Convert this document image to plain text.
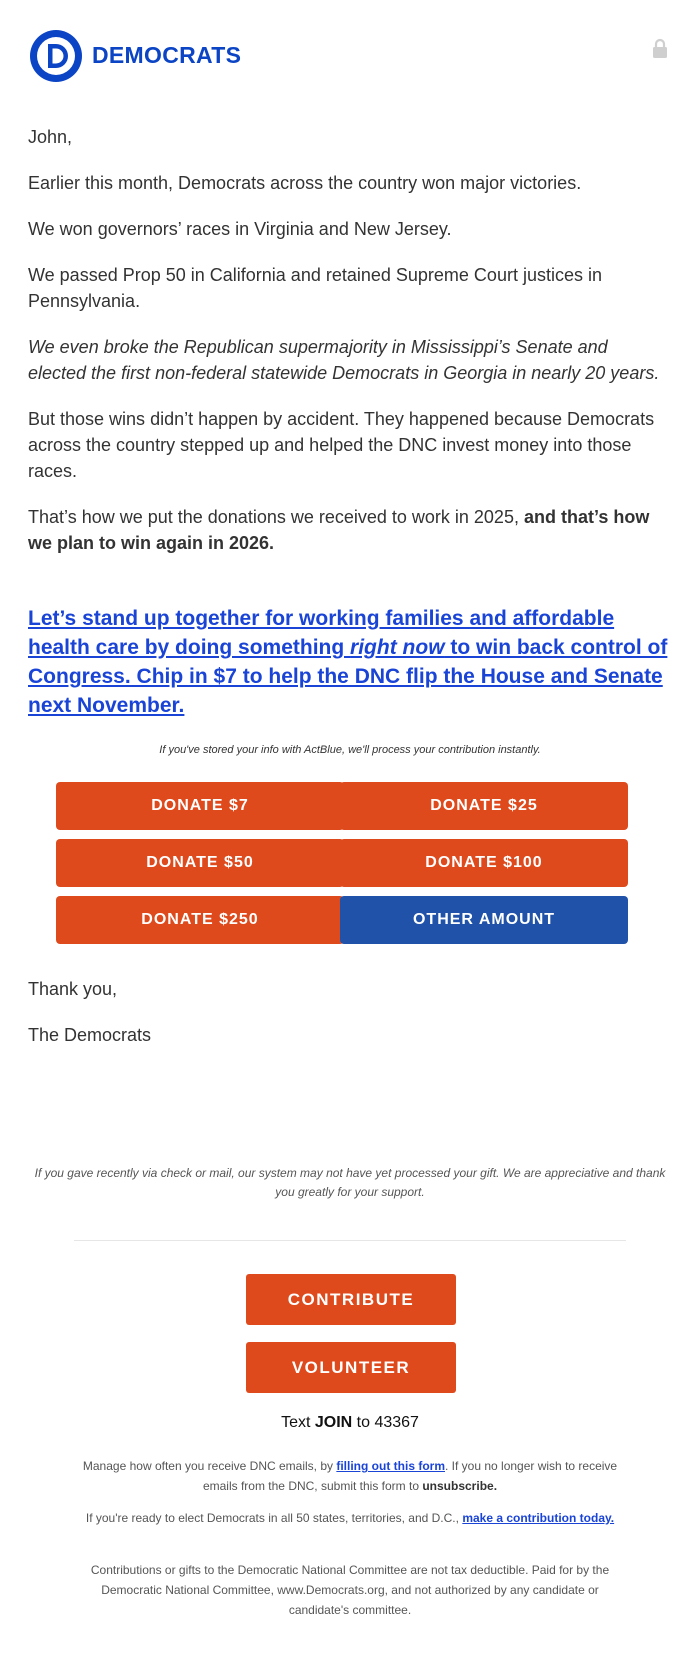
DEMOCRATS

John,

Earlier this month, Democrats across the country won major victories.

We won governors’ races in Virginia and New Jersey.

We passed Prop 50 in California and retained Supreme Court justices in Pennsylvania.

We even broke the Republican supermajority in Mississippi’s Senate and elected the first non-federal statewide Democrats in Georgia in nearly 20 years.

But those wins didn’t happen by accident. They happened because Democrats across the country stepped up and helped the DNC invest money into those races.

That’s how we put the donations we received to work in 2025, and that’s how we plan to win again in 2026.

Let’s stand up together for working families and affordable health care by doing something right now to win back control of Congress. Chip in $7 to help the DNC flip the House and Senate next November.
If you've stored your info with ActBlue, we'll process your contribution instantly.
DONATE $7	DONATE $25
DONATE $50	DONATE $100
DONATE $250	OTHER AMOUNT

Thank you,

The Democrats

If you gave recently via check or mail, our system may not have yet processed your gift. We are appreciative and thank you greatly for your support.
CONTRIBUTE
VOLUNTEER
Text JOIN to 43367
Manage how often you receive DNC emails, by filling out this form. If you no longer wish to receive emails from the DNC, submit this form to unsubscribe.
If you're ready to elect Democrats in all 50 states, territories, and D.C., make a contribution today.
Contributions or gifts to the Democratic National Committee are not tax deductible. Paid for by the Democratic National Committee, www.Democrats.org, and not authorized by any candidate or candidate's committee.
